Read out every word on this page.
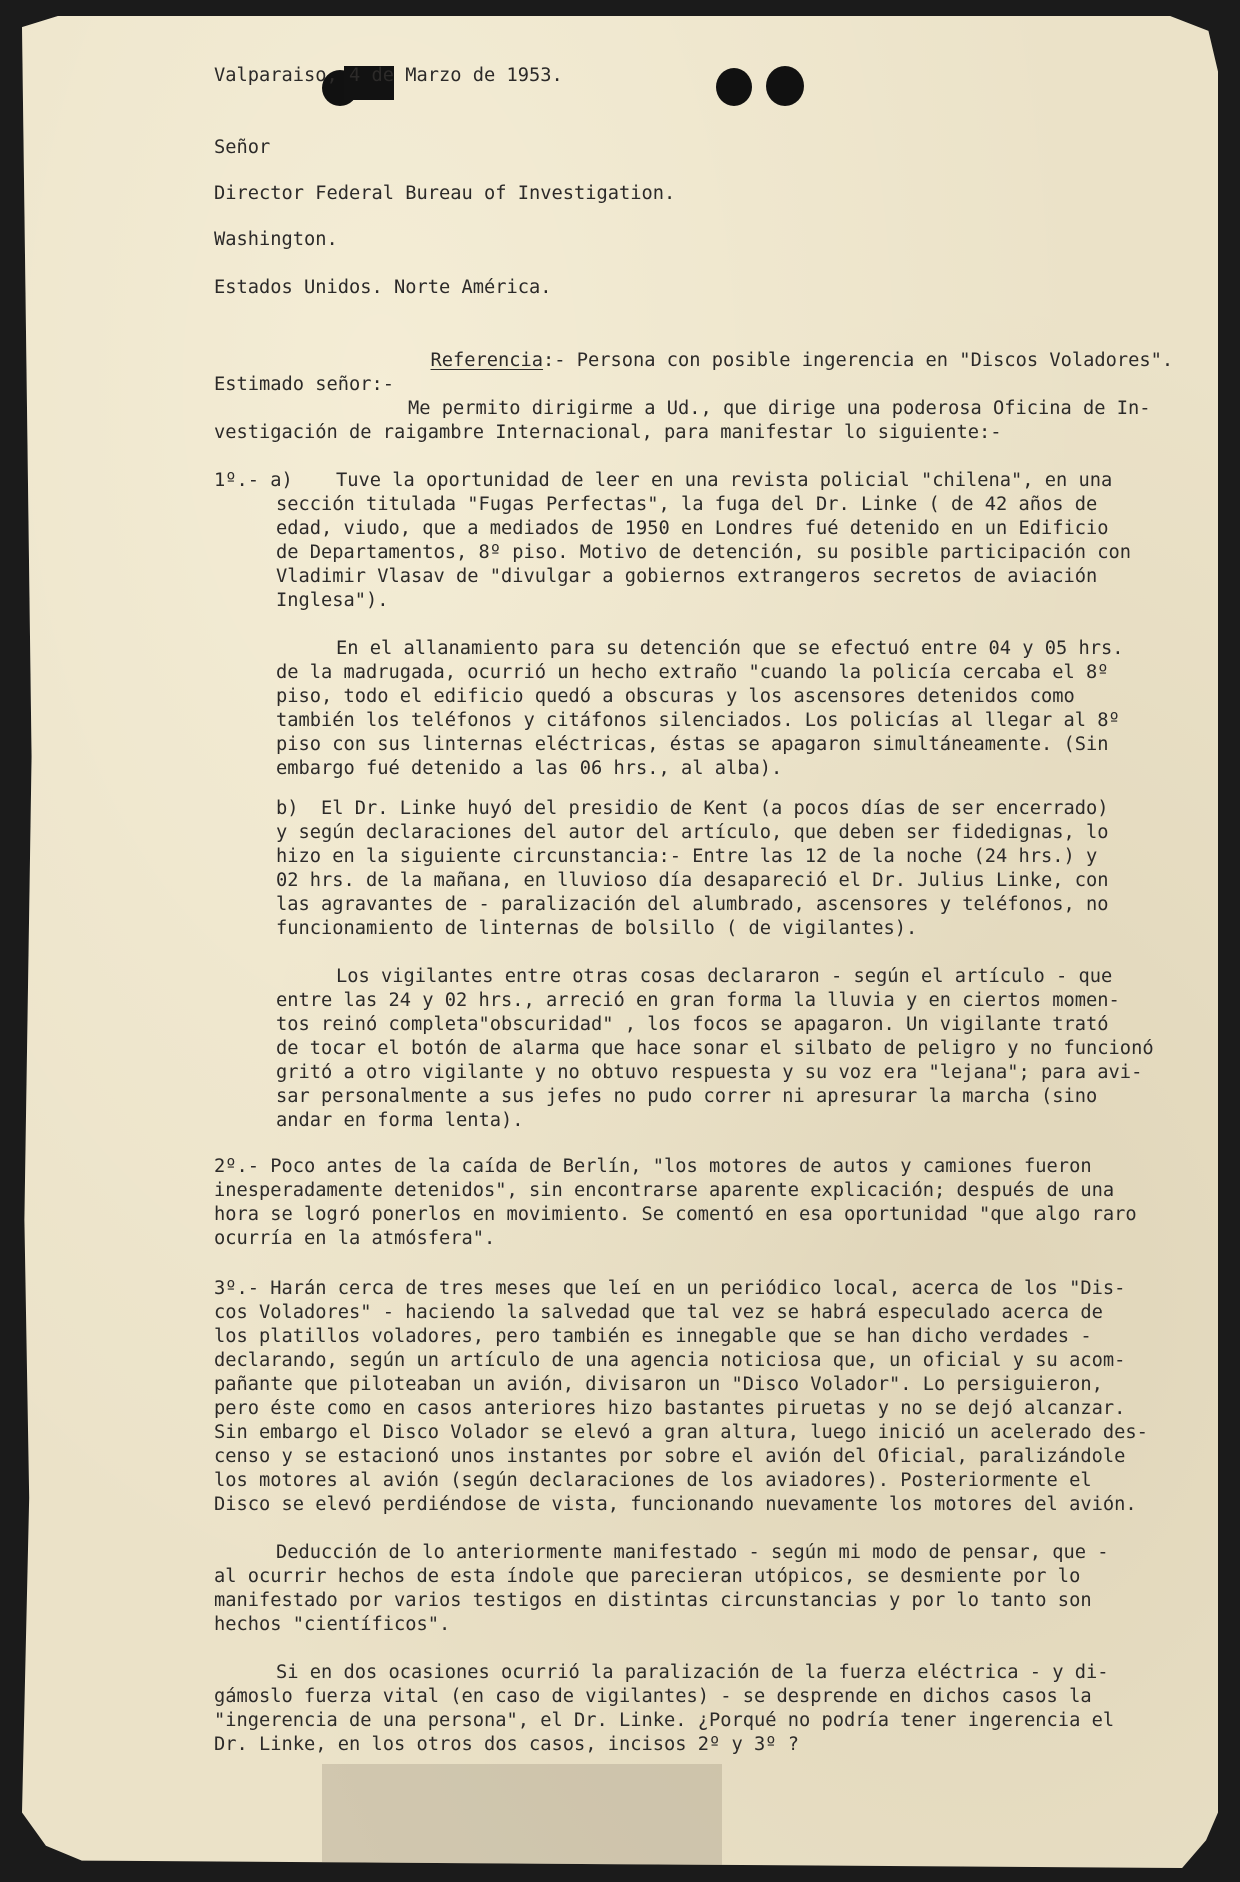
Valparaiso, 4 de Marzo de 1953.
Señor
Director Federal Bureau of Investigation.
Washington.
Estados Unidos. Norte América.

Referencia:- Persona con posible ingerencia en "Discos Voladores".

Estimado señor:-
Me permito dirigirme a Ud., que dirige una poderosa Oficina de In-
vestigación de raigambre Internacional, para manifestar lo siguiente:-
1º.- a) Tuve la oportunidad de leer en una revista policial "chilena", en una
sección titulada "Fugas Perfectas", la fuga del Dr. Linke ( de 42 años de
edad, viudo, que a mediados de 1950 en Londres fué detenido en un Edificio
de Departamentos, 8º piso. Motivo de detención, su posible participación con
Vladimir Vlasav de "divulgar a gobiernos extrangeros secretos de aviación
Inglesa").
En el allanamiento para su detención que se efectuó entre 04 y 05 hrs.
de la madrugada, ocurrió un hecho extraño "cuando la policía cercaba el 8º
piso, todo el edificio quedó a obscuras y los ascensores detenidos como
también los teléfonos y citáfonos silenciados. Los policías al llegar al 8º
piso con sus linternas eléctricas, éstas se apagaron simultáneamente. (Sin
embargo fué detenido a las 06 hrs., al alba).
b)  El Dr. Linke huyó del presidio de Kent (a pocos días de ser encerrado)
y según declaraciones del autor del artículo, que deben ser fidedignas, lo
hizo en la siguiente circunstancia:- Entre las 12 de la noche (24 hrs.) y
02 hrs. de la mañana, en lluvioso día desapareció el Dr. Julius Linke, con
las agravantes de - paralización del alumbrado, ascensores y teléfonos, no
funcionamiento de linternas de bolsillo ( de vigilantes).
Los vigilantes entre otras cosas declararon - según el artículo - que
entre las 24 y 02 hrs., arreció en gran forma la lluvia y en ciertos momen-
tos reinó completa"obscuridad" , los focos se apagaron. Un vigilante trató
de tocar el botón de alarma que hace sonar el silbato de peligro y no funcionó
gritó a otro vigilante y no obtuvo respuesta y su voz era "lejana"; para avi-
sar personalmente a sus jefes no pudo correr ni apresurar la marcha (sino
andar en forma lenta).
2º.- Poco antes de la caída de Berlín, "los motores de autos y camiones fueron
inesperadamente detenidos", sin encontrarse aparente explicación; después de una
hora se logró ponerlos en movimiento. Se comentó en esa oportunidad "que algo raro
ocurría en la atmósfera".
3º.- Harán cerca de tres meses que leí en un periódico local, acerca de los "Dis-
cos Voladores" - haciendo la salvedad que tal vez se habrá especulado acerca de
los platillos voladores, pero también es innegable que se han dicho verdades -
declarando, según un artículo de una agencia noticiosa que, un oficial y su acom-
pañante que piloteaban un avión, divisaron un "Disco Volador". Lo persiguieron,
pero éste como en casos anteriores hizo bastantes piruetas y no se dejó alcanzar.
Sin embargo el Disco Volador se elevó a gran altura, luego inició un acelerado des-
censo y se estacionó unos instantes por sobre el avión del Oficial, paralizándole
los motores al avión (según declaraciones de los aviadores). Posteriormente el
Disco se elevó perdiéndose de vista, funcionando nuevamente los motores del avión.
Deducción de lo anteriormente manifestado - según mi modo de pensar, que -
al ocurrir hechos de esta índole que parecieran utópicos, se desmiente por lo
manifestado por varios testigos en distintas circunstancias y por lo tanto son
hechos "científicos".
Si en dos ocasiones ocurrió la paralización de la fuerza eléctrica - y di-
gámoslo fuerza vital (en caso de vigilantes) - se desprende en dichos casos la
"ingerencia de una persona", el Dr. Linke. ¿Porqué no podría tener ingerencia el
Dr. Linke, en los otros dos casos, incisos 2º y 3º ?
